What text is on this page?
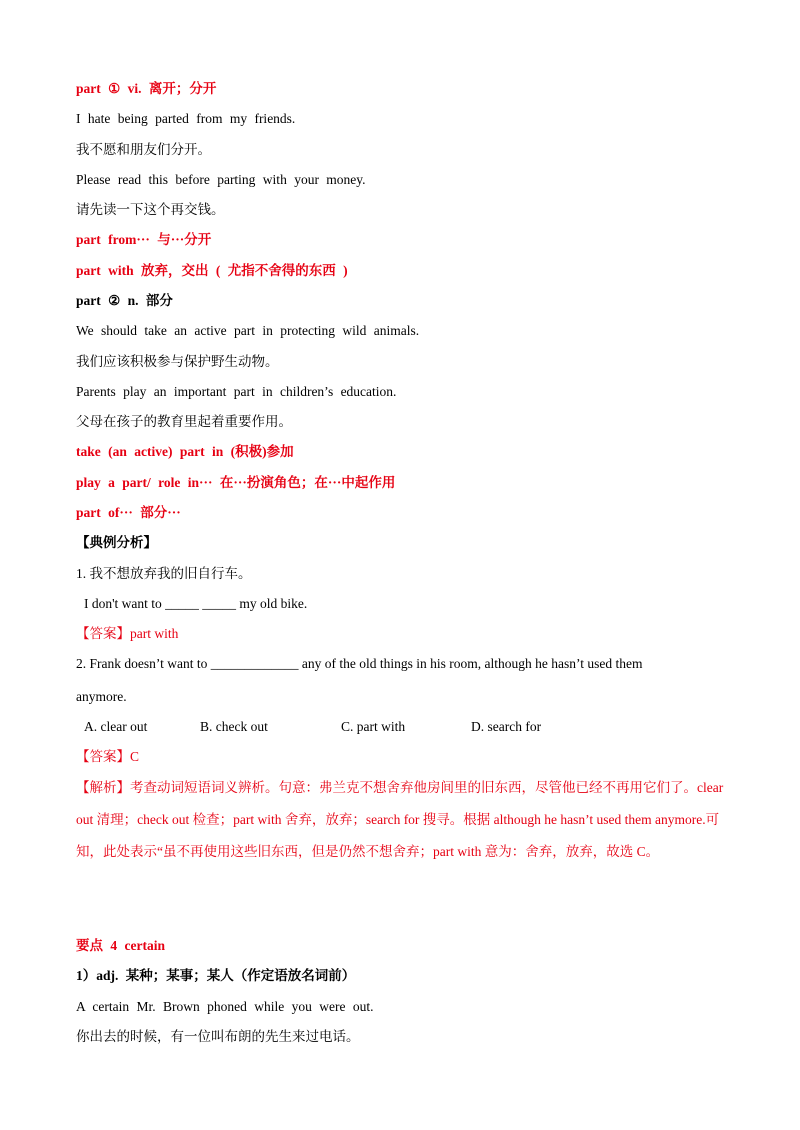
part ① vi. 离开；分开
I hate being parted from my friends.
我不愿和朋友们分开。
Please read this before parting with your money.
请先读一下这个再交钱。
part from··· 与···分开
part with 放弃，交出 ( 尤指不舍得的东西 )
part ② n. 部分
We should take an active part in protecting wild animals.
我们应该积极参与保护野生动物。
Parents play an important part in children’s education.
父母在孩子的教育里起着重要作用。
take (an active) part in (积极)参加
play a part/ role in··· 在···扮演角色；在···中起作用
part of··· 部分···
【典例分析】
1. 我不想放弃我的旧自行车。
I don't want to _____ _____ my old bike.
【答案】part with
2. Frank doesn’t want to _____________ any of the old things in his room, although he hasn’t used them
anymore.
A. clear out	B. check out	C. part with	D. search for
【答案】C
【解析】考查动词短语词义辨析。句意：弗兰克不想舍弃他房间里的旧东西，尽管他已经不再用它们了。clear out 清理；check out 检查；part with 舍弃，放弃；search for 搜寻。根据 although he hasn’t used them anymore.可知，此处表示“虽不再使用这些旧东西，但是仍然不想舍弃；part with 意为：舍弃，放弃，故选 C。
要点 4 certain
1）adj. 某种；某事；某人（作定语放名词前）
A certain Mr. Brown phoned while you were out.
你出去的时候，有一位叫布朗的先生来过电话。
